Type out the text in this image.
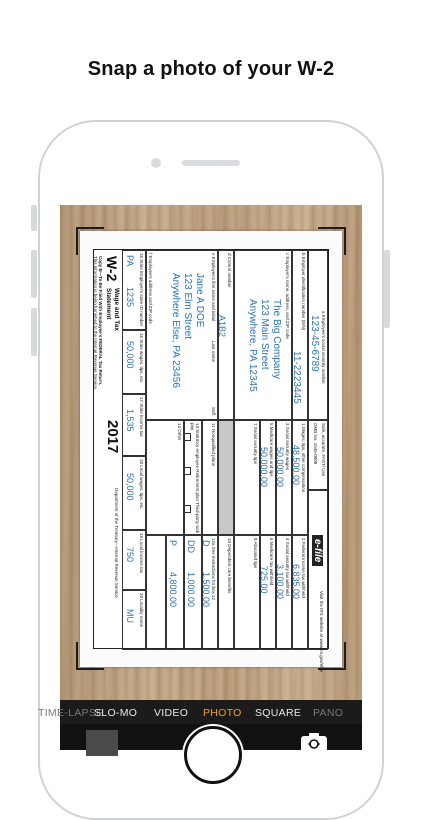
Snap a photo of your W-2
a Employee's social security number
123-45-6789
Safe, accurate, FAST! Use
OMB No. 1545-0008
e-file
Visit the IRS website at www.irs.gov/efile
b Employer identification number (EIN)
11-2223445
1 Wages, tips, other compensation
48,500.00
2 Federal income tax withheld
6,835.00
c Employer's name, address, and ZIP code
The Big Company
123 Main Street
Anywhere, PA 12345
3 Social security wages
50,000.00
4 Social security tax withheld
3,100.00
5 Medicare wages and tips
50,000.00
6 Medicare tax withheld
725.00
7 Social security tips
8 Allocated tips
d Control number
A1B2
10 Dependent care benefits
e Employee's first name and initial
Last name
Suff.
Jane A DOE
123 Elm Street
Anywhere Else, PA 23456
f Employee's address and ZIP code
11 Nonqualified plans
12a See instructions for box 12
D
1,500.00
13 Statutory employee Retirement plan Third-party sick pay
DD
1,000.00
14 Other
P
4,800.00
15 State Employer's state ID number
PA
1235
16 State wages, tips, etc.
50,000
17 State income tax
1,535
18 Local wages, tips, etc.
50,000
19 Local income tax
750
20 Locality name
MU
W-2
Wage and Tax
Statement
2017
Department of the Treasury—Internal Revenue Service
Copy B—To Be Filed With Employee's FEDERAL Tax Return.
This information is being furnished to the Internal Revenue Service.
TIME-LAPSE
SLO-MO VIDEO PHOTO SQUARE PANO
